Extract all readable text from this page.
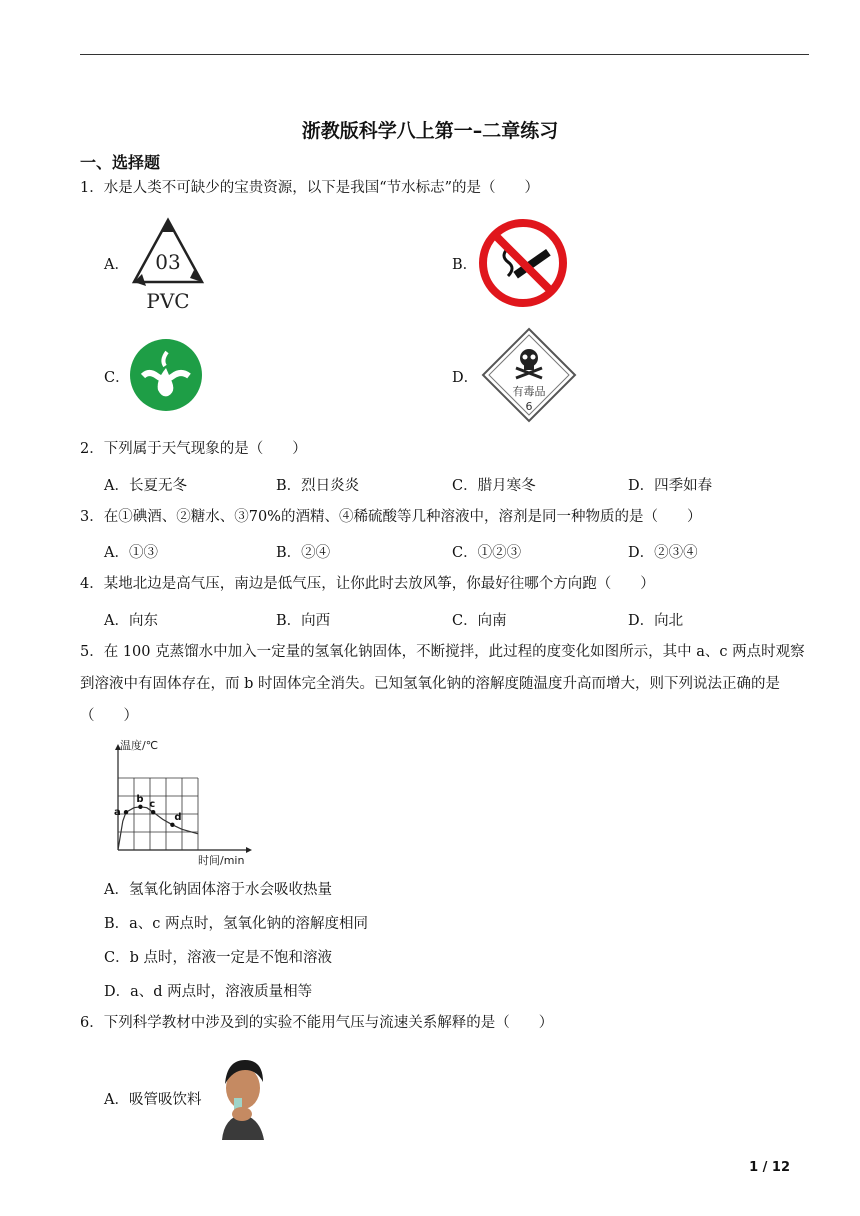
浙教版科学八上第一–二章练习
一、选择题
1．水是人类不可缺少的宝贵资源，以下是我国“节水标志”的是（　　）
A． 03
PVC
B．
C．	D．
有毒品
6
2．下列属于天气现象的是（　　）
A．长夏无冬	B．烈日炎炎	C．腊月寒冬	D．四季如春
3．在①碘酒、②糖水、③70%的酒精、④稀硫酸等几种溶液中，溶剂是同一种物质的是（　　）
A．①③	B．②④	C．①②③	D．②③④
4．某地北边是高气压，南边是低气压，让你此时去放风筝，你最好往哪个方向跑（　　）
A．向东	B．向西	C．向南	D．向北
5．在 100 克蒸馏水中加入一定量的氢氧化钠固体，不断搅拌，此过程的度变化如图所示，其中 a、c 两点时观察到溶液中有固体存在，而 b 时固体完全消失。已知氢氧化钠的溶解度随温度升高而增大，则下列说法正确的是（　　）
温度/℃
时间/min
a
b c
d
A．氢氧化钠固体溶于水会吸收热量
B．a、c 两点时，氢氧化钠的溶解度相同
C．b 点时，溶液一定是不饱和溶液
D．a、d 两点时，溶液质量相等
6．下列科学教材中涉及到的实验不能用气压与流速关系解释的是（　　）
A．吸管吸饮料
1 / 12
